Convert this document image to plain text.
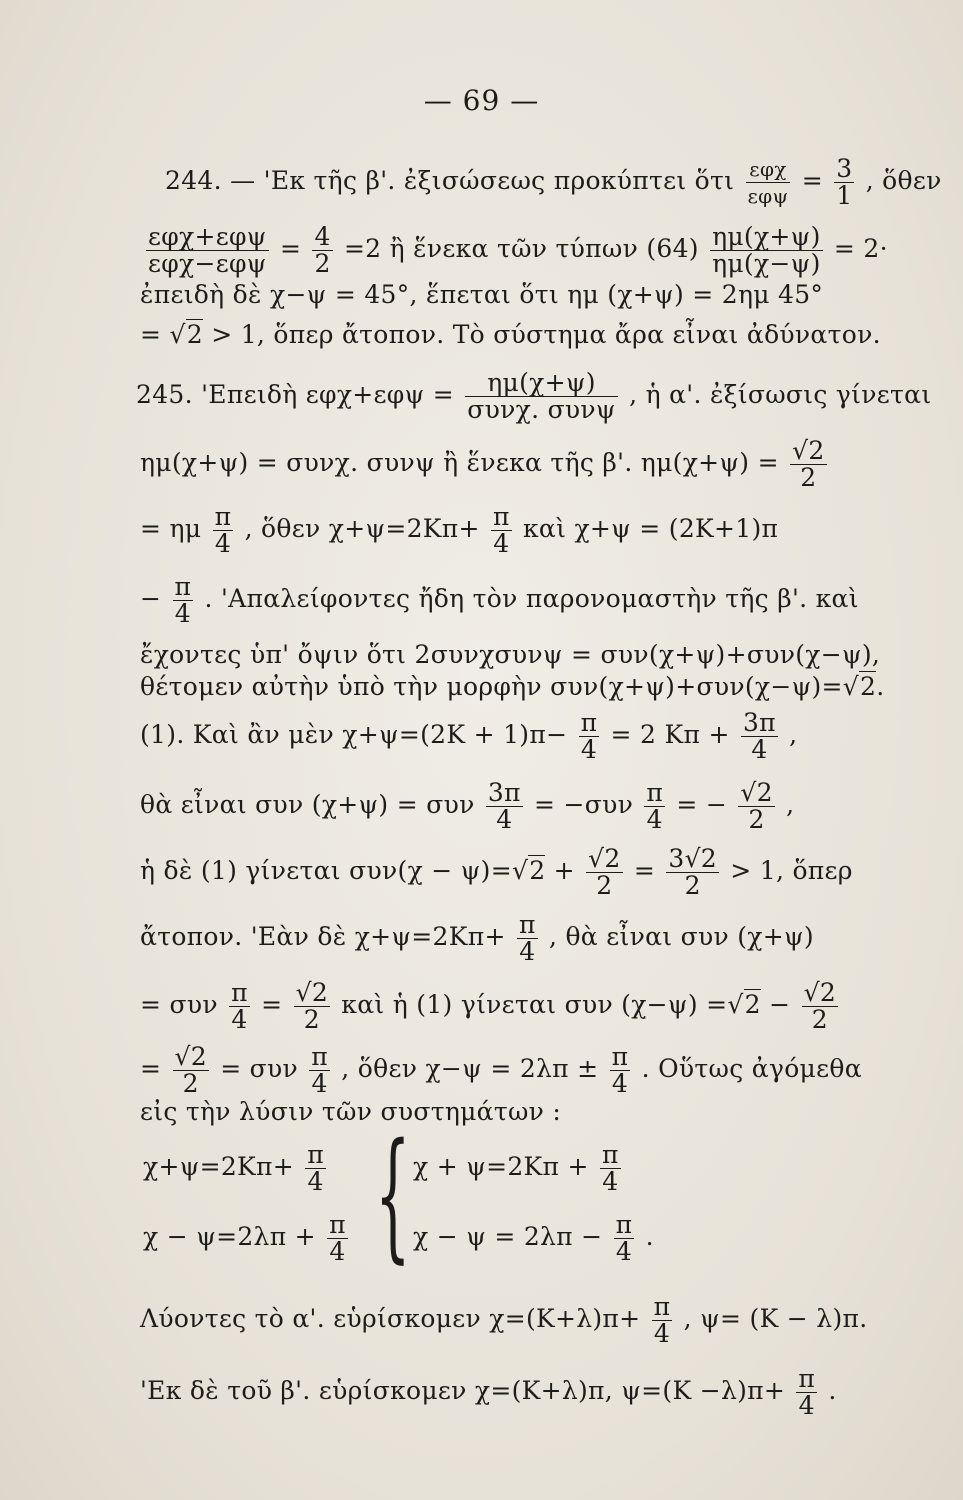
— 69 —
244. — 'Εκ τῆς β'. ἐξισώσεως προκύπτει ὅτι $\frac{\text{εφχ}}{\text{εφψ}} = \frac{3}{1}$ , ὅθεν
$\frac{\text{εφχ+εφψ}}{\text{εφχ−εφψ}} = \frac{4}{2} =2$ ἢ ἕνεκα τῶν τύπων $(64) \frac{\eta\mu(\chi+\psi)}{\eta\mu(\chi-\psi)} = 2\cdot$
ἐπειδὴ δὲ χ−ψ = 45°, ἕπεται ὅτι ημ (χ+ψ) = 2ημ 45°
= √2 > 1, ὅπερ ἄτοπον. Τὸ σύστημα ἄρα εἶναι ἀδύνατον.
245. 'Επειδὴ $\varepsilon\varphi\chi+\varepsilon\varphi\psi = \frac{\eta\mu(\chi+\psi)}{\text{συνχ. συνψ}}$ , ἡ α'. ἐξίσωσις γίνεται
ημ(χ+ψ) = συνχ. συνψ ἢ ἕνεκα τῆς β'. $\eta\mu(\chi+\psi) = \frac{√2}{2}$
= ημ $\frac{\pi}{4}$ , ὅθεν $\chi+\psi=2K\pi+ \frac{\pi}{4}$ καὶ χ+ψ = (2Κ+1)π
− $\frac{\pi}{4}$ . 'Απαλείφοντες ἤδη τὸν παρονομαστὴν τῆς β'. καὶ
ἔχοντες ὑπ' ὄψιν ὅτι 2συνχσυνψ = συν(χ+ψ)+συν(χ−ψ),
θέτομεν αὐτὴν ὑπὸ τὴν μορφὴν συν(χ+ψ)+συν(χ−ψ)=√2.
(1). Καὶ ἂν μὲν $\chi+\psi=(2K + 1)\pi- \frac{\pi}{4} = 2$ $K\pi + \frac{3\pi}{4}$ ,
θὰ εἶναι συν (χ+ψ) = συν $\frac{3\pi}{4} = -\sigma\upsilon\nu \frac{\pi}{4}$ = − $\frac{√2}{2}$ ,
ἡ δὲ (1) γίνεται $\sigma\upsilon\nu(\chi - \psi)=√2 + \frac{√2}{2} = \frac{3√2}{2} > 1$, ὅπερ
ἄτοπον. 'Εὰν δὲ $\chi+\psi=2K\pi+ \frac{\pi}{4}$ , θὰ εἶναι συν (χ+ψ)
= συν $\frac{\pi}{4} = \frac{√2}{2}$ καὶ ἡ (1) γίνεται συν $(\chi-\psi) =√2 - \frac{√2}{2}$
= $\frac{√2}{2} = \sigma\upsilon\nu \frac{\pi}{4}$ , ὅθεν $\chi-\psi = 2\lambda\pi \pm \frac{\pi}{4}$ . Οὕτως ἀγόμεθα
εἰς τὴν λύσιν τῶν συστημάτων :
$\chi+\psi=2K\pi+ \frac{\pi}{4}$	$\chi + \psi=2K\pi + \frac{\pi}{4}$
{
$\chi - \psi=2\lambda\pi + \frac{\pi}{4}$	$\chi - \psi = 2\lambda\pi - \frac{\pi}{4}$ .
Λύοντες τὸ α'. εὑρίσκομεν $\chi=(K+\lambda)\pi+ \frac{\pi}{4}$ , ψ= (Κ − λ)π.
'Εκ δὲ τοῦ β'. εὑρίσκομεν χ=(Κ+λ)π, $\psi=(K -\lambda)\pi+ \frac{\pi}{4}$ .
